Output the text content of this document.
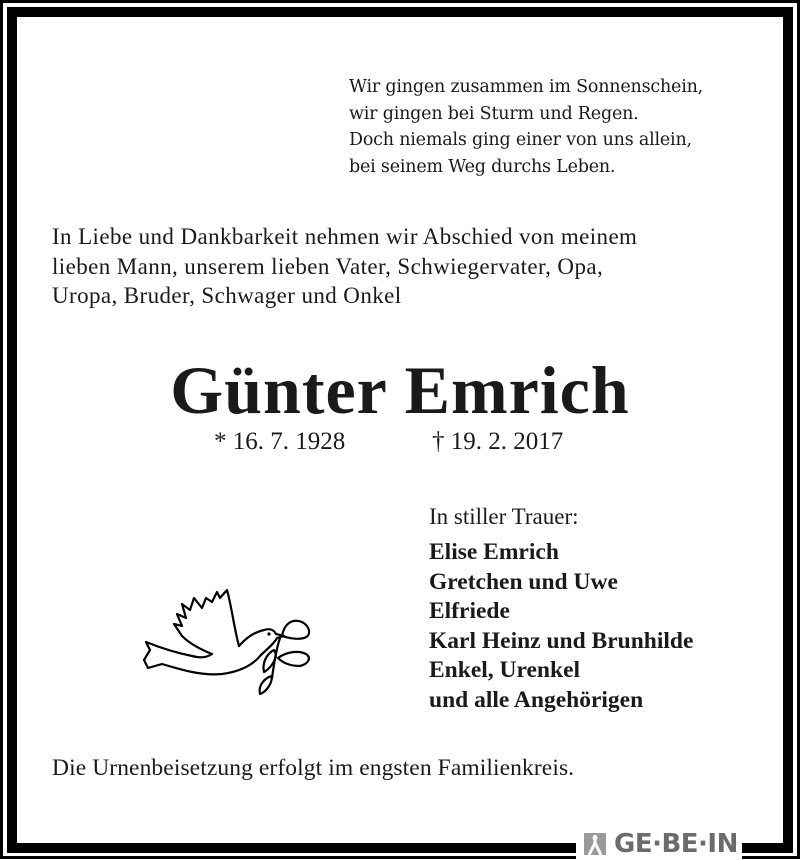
Wir gingen zusammen im Sonnenschein,
wir gingen bei Sturm und Regen.
Doch niemals ging einer von uns allein,
bei seinem Weg durchs Leben.
In Liebe und Dankbarkeit nehmen wir Abschied von meinem
lieben Mann, unserem lieben Vater, Schwiegervater, Opa,
Uropa, Bruder, Schwager und Onkel
Günter Emrich
* 16. 7. 1928	† 19. 2. 2017
In stiller Trauer:
Elise Emrich
Gretchen und Uwe
Elfriede
Karl Heinz und Brunhilde
Enkel, Urenkel
und alle Angehörigen
Die Urnenbeisetzung erfolgt im engsten Familienkreis.
GE·BE·IN
